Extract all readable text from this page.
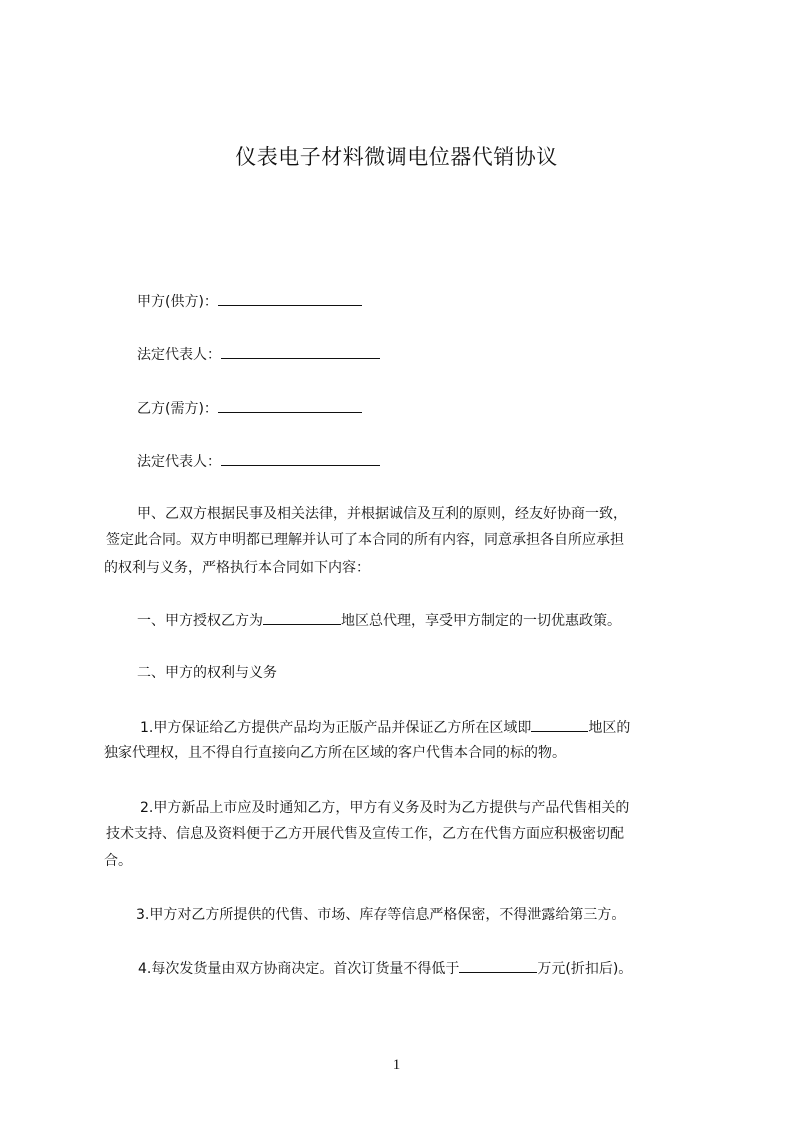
仪表电子材料微调电位器代销协议
甲方(供方)：
法定代表人：
乙方(需方)：
法定代表人：
甲、乙双方根据民事及相关法律，并根据诚信及互利的原则，经友好协商一致，
签定此合同。双方申明都已理解并认可了本合同的所有内容，同意承担各自所应承担
的权利与义务，严格执行本合同如下内容：
一、甲方授权乙方为	地区总代理，享受甲方制定的一切优惠政策。
二、甲方的权利与义务
1.甲方保证给乙方提供产品均为正版产品并保证乙方所在区域即	地区的
独家代理权，且不得自行直接向乙方所在区域的客户代售本合同的标的物。
2.甲方新品上市应及时通知乙方，甲方有义务及时为乙方提供与产品代售相关的
技术支持、信息及资料便于乙方开展代售及宣传工作，乙方在代售方面应积极密切配
合。
3.甲方对乙方所提供的代售、市场、库存等信息严格保密，不得泄露给第三方。
4.每次发货量由双方协商决定。首次订货量不得低于	万元(折扣后)。
1
